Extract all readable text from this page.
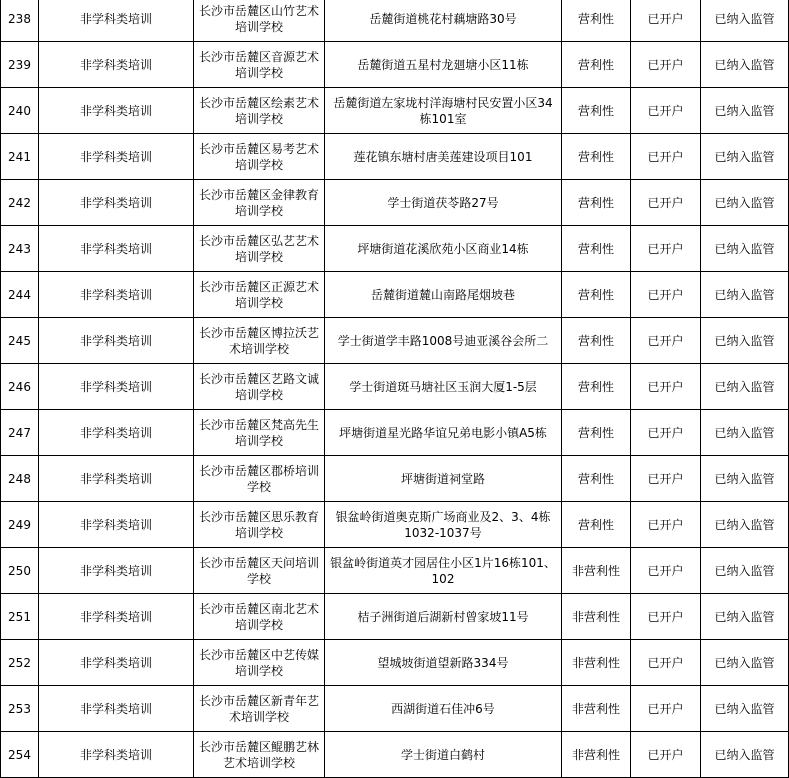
238	非学科类培训	长沙市岳麓区山竹艺术培训学校	岳麓街道桃花村藕塘路30号	营利性	已开户	已纳入监管
239	非学科类培训	长沙市岳麓区音源艺术培训学校	岳麓街道五星村龙廻塘小区11栋	营利性	已开户	已纳入监管
240	非学科类培训	长沙市岳麓区绘素艺术培训学校	岳麓街道左家垅村洋海塘村民安置小区34栋101室	营利性	已开户	已纳入监管
241	非学科类培训	长沙市岳麓区易考艺术培训学校	莲花镇东塘村唐美莲建设项目101	营利性	已开户	已纳入监管
242	非学科类培训	长沙市岳麓区金律教育培训学校	学士街道茯苓路27号	营利性	已开户	已纳入监管
243	非学科类培训	长沙市岳麓区弘艺艺术培训学校	坪塘街道花溪欣苑小区商业14栋	营利性	已开户	已纳入监管
244	非学科类培训	长沙市岳麓区正源艺术培训学校	岳麓街道麓山南路尾烟坡巷	营利性	已开户	已纳入监管
245	非学科类培训	长沙市岳麓区博拉沃艺术培训学校	学士街道学丰路1008号迪亚溪谷会所二	营利性	已开户	已纳入监管
246	非学科类培训	长沙市岳麓区艺路文诚培训学校	学士街道斑马塘社区玉润大厦1-5层	营利性	已开户	已纳入监管
247	非学科类培训	长沙市岳麓区梵高先生培训学校	坪塘街道星光路华谊兄弟电影小镇A5栋	营利性	已开户	已纳入监管
248	非学科类培训	长沙市岳麓区郡桥培训学校	坪塘街道祠堂路	营利性	已开户	已纳入监管
249	非学科类培训	长沙市岳麓区思乐教育培训学校	银盆岭街道奥克斯广场商业及2、3、4栋1032-1037号	营利性	已开户	已纳入监管
250	非学科类培训	长沙市岳麓区天问培训学校	银盆岭街道英才园居住小区1片16栋101、102	非营利性	已开户	已纳入监管
251	非学科类培训	长沙市岳麓区南北艺术培训学校	桔子洲街道后湖新村曾家坡11号	非营利性	已开户	已纳入监管
252	非学科类培训	长沙市岳麓区中艺传媒培训学校	望城坡街道望新路334号	非营利性	已开户	已纳入监管
253	非学科类培训	长沙市岳麓区新青年艺术培训学校	西湖街道石佳冲6号	非营利性	已开户	已纳入监管
254	非学科类培训	长沙市岳麓区鲲鹏艺林艺术培训学校	学士街道白鹤村	非营利性	已开户	已纳入监管
